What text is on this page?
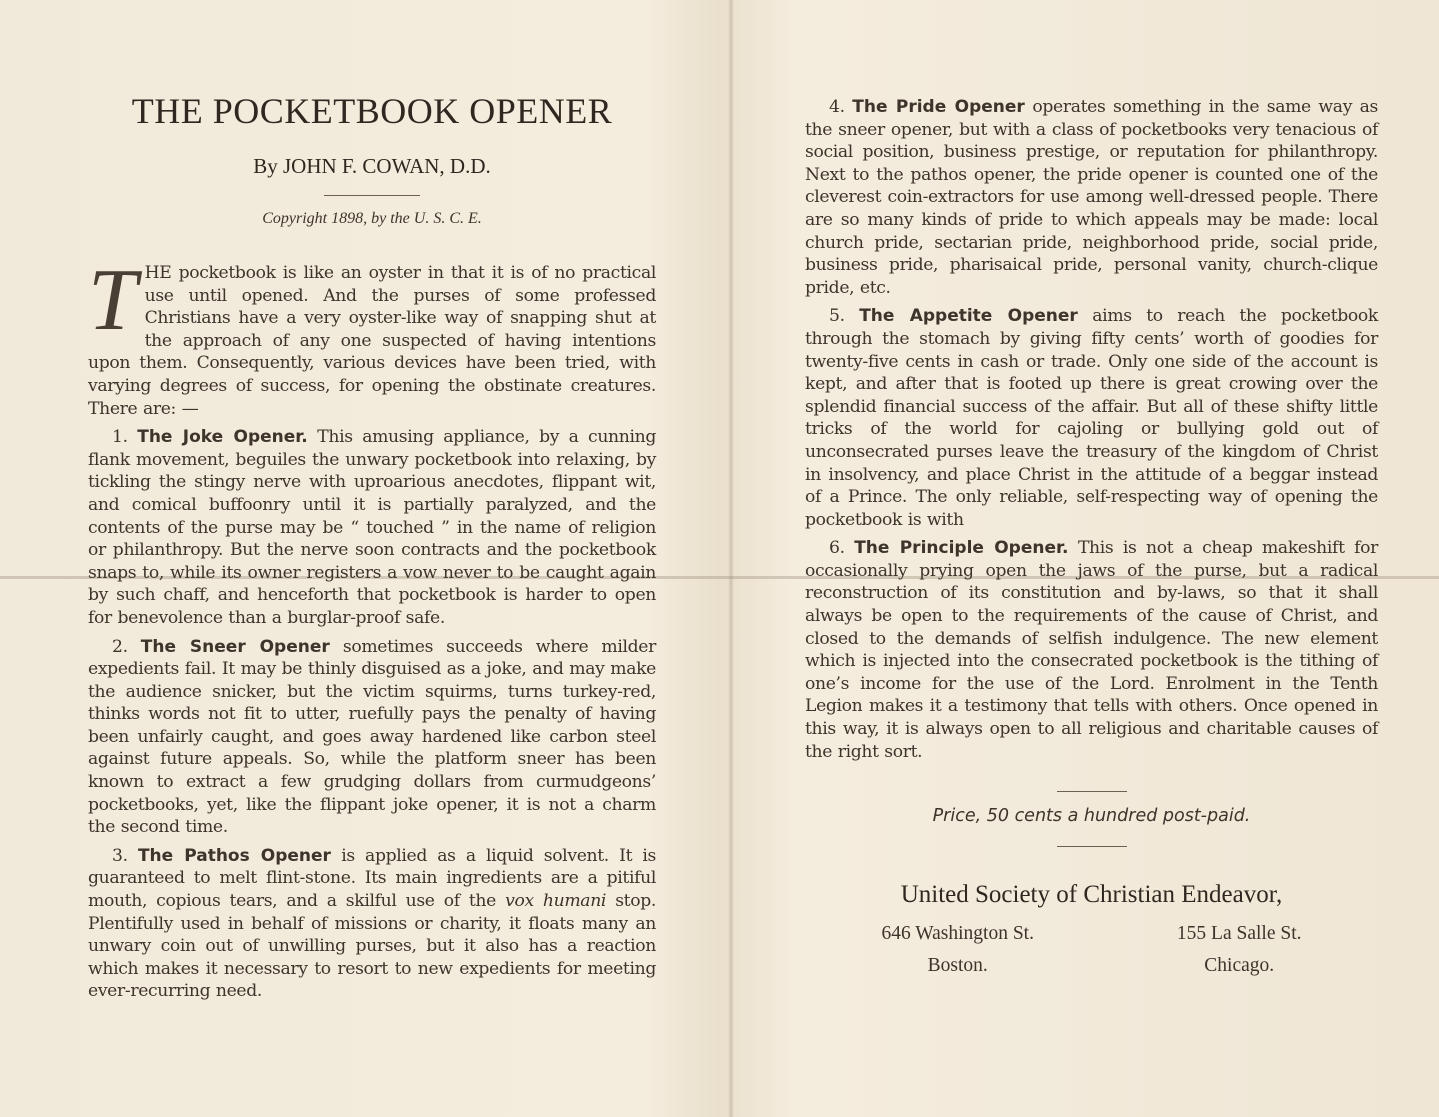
THE POCKETBOOK OPENER
By JOHN F. COWAN, D.D.
Copyright 1898, by the U. S. C. E.

THE pocketbook is like an oyster in that it is of no practical use until opened. And the purses of some professed Christians have a very oyster-like way of snapping shut at the approach of any one suspected of having intentions upon them. Consequently, various devices have been tried, with varying degrees of success, for opening the obstinate creatures. There are: —

1. The Joke Opener. This amusing appliance, by a cunning flank movement, beguiles the unwary pocketbook into relaxing, by tickling the stingy nerve with uproarious anecdotes, flippant wit, and comical buffoonry until it is partially paralyzed, and the contents of the purse may be “ touched ” in the name of religion or philanthropy. But the nerve soon contracts and the pocketbook snaps to, while its owner registers a vow never to be caught again by such chaff, and henceforth that pocketbook is harder to open for benevolence than a burglar-proof safe.

2. The Sneer Opener sometimes succeeds where milder expedients fail. It may be thinly disguised as a joke, and may make the audience snicker, but the victim squirms, turns turkey-red, thinks words not fit to utter, ruefully pays the penalty of having been unfairly caught, and goes away hardened like carbon steel against future appeals. So, while the platform sneer has been known to extract a few grudging dollars from curmudgeons’ pocketbooks, yet, like the flippant joke opener, it is not a charm the second time.

3. The Pathos Opener is applied as a liquid solvent. It is guaranteed to melt flint-stone. Its main ingredients are a pitiful mouth, copious tears, and a skilful use of the vox humani stop. Plentifully used in behalf of missions or charity, it floats many an unwary coin out of unwilling purses, but it also has a reaction which makes it necessary to resort to new expedients for meeting ever-recurring need.

4. The Pride Opener operates something in the same way as the sneer opener, but with a class of pocketbooks very tenacious of social position, business prestige, or reputation for philanthropy. Next to the pathos opener, the pride opener is counted one of the cleverest coin-extractors for use among well-dressed people. There are so many kinds of pride to which appeals may be made: local church pride, sectarian pride, neighborhood pride, social pride, business pride, pharisaical pride, personal vanity, church-clique pride, etc.

5. The Appetite Opener aims to reach the pocketbook through the stomach by giving fifty cents’ worth of goodies for twenty-five cents in cash or trade. Only one side of the account is kept, and after that is footed up there is great crowing over the splendid financial success of the affair. But all of these shifty little tricks of the world for cajoling or bullying gold out of unconsecrated purses leave the treasury of the kingdom of Christ in insolvency, and place Christ in the attitude of a beggar instead of a Prince. The only reliable, self-respecting way of opening the pocketbook is with

6. The Principle Opener. This is not a cheap makeshift for occasionally prying open the jaws of the purse, but a radical reconstruction of its constitution and by-laws, so that it shall always be open to the requirements of the cause of Christ, and closed to the demands of selfish indulgence. The new element which is injected into the consecrated pocketbook is the tithing of one’s income for the use of the Lord. Enrolment in the Tenth Legion makes it a testimony that tells with others. Once opened in this way, it is always open to all religious and charitable causes of the right sort.

Price, 50 cents a hundred post-paid.
United Society of Christian Endeavor,
646 Washington St.
Boston.
155 La Salle St.
Chicago.
